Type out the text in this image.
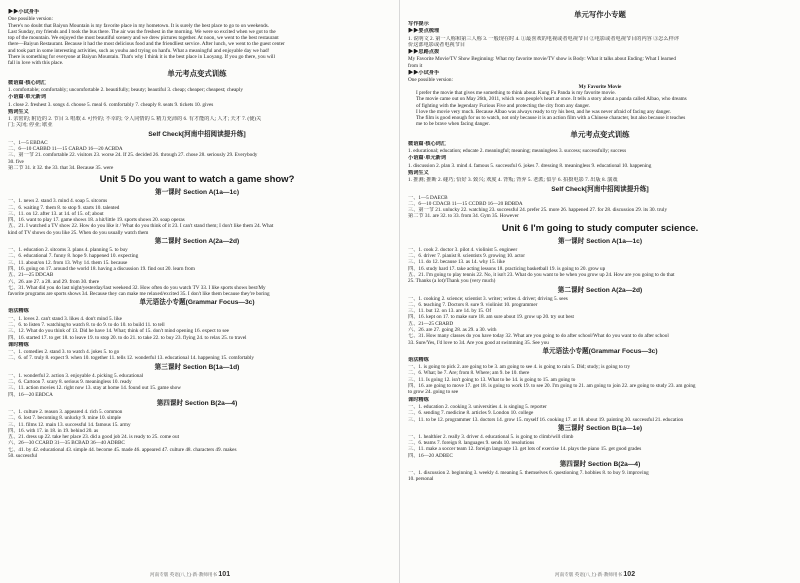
▶▶小试身手
One possible version:
There's no doubt that Baiyun Mountain is my favorite place in my hometown. It is surely the best place to go to on weekends.
Last Sunday, my friends and I took the bus there. The air was the freshest in the morning. We were so excited when we got to the
top of the mountain. We enjoyed the most beautiful scenery and we drew pictures together. At noon, we went to the best restaurant
there—Baiyun Restaurant. Because it had the most delicious food and the friendliest service. After lunch, we went to the guest center
and took part in some interesting activities, such as youhu and trying on hanfu. What a meaningful and enjoyable day we had!
There is something for everyone at Baiyun Mountain. That's why I think it is the best place in Luoyang. If you go there, you will
fall in love with this place.
单元考点变式训练
微语篇·核心词汇
1. comfortable; comfortably; uncomfortable 2. beautifully; beauty; beautiful 3. cheap; cheaper; cheapest; cheaply
小语篇·单元新词
1. close 2. freshest 3. songs 4. choose 5. meal 6. comfortably 7. cheaply 8. seats 9. tickets 10. gives
熟词生义
1. 亲密的; 附近的 2. 节目 3. 唱歌 4. 可怜的; 不幸的; 令人同情的 5. 精力充沛的 6. 有才能的人; 人才; 天才 7. (使)关
门; 关闭; 停业; 歇业
Self Check[河南中招阅读提升练]
一、1—5 EBDAC
二、6—10 CABBD 11—15 CABAD 16—20 ACBDA
三、第一节 21. comfortable 22. visitors 23. worse 24. If 25. decided 26. through 27. chose 28. seriously 29. Everybody
30. five
第二节 31. it 32. the 33. that 34. Because 35. were
Unit 5 Do you want to watch a game show?
第一课时 Section A(1a—1c)
一、1. news 2. stand 3. mind 4. soap 5. sitcoms
二、6. waiting 7. them 8. to stop 9. starts 10. talented
三、11. on 12. after 13. at 14. of 15. of; about
四、16. want to play 17. game shows 18. a hit/little 19. sports shows 20. soap operas
五、21. I watched a TV show 22. How do you like it / What do you think of it 23. I can't stand them; I don't like them 24. What
kind of TV shows do you like 25. When do you usually watch them
第二课时 Section A(2a—2d)
一、1. education 2. sitcoms 3. plans 4. planning 5. to buy
二、6. educational 7. funny 8. hope 9. happened 10. expecting
三、11. about/on 12. from 13. Why 14. them 15. because
四、16. going on 17. around the world 18. having a discussion 19. find out 20. learn from
五、21—25 DDCAB
六、26. are 27. a 28. and 29. from 30. there
七、31. What did you do last night/yesterday/last weekend 32. How often do you watch TV 33. I like sports shows best/My
favorite programs are sports shows 34. Because they can make me relaxed/excited 35. I don't like them because they're boring
单元语法小专题(Grammar Focus—3c)
语法精练
一、1. loves 2. can't stand 3. likes 4. don't mind 5. like
二、6. to listen 7. watching/to watch 8. to do 9. to do 10. to build 11. to tell
三、12. What do you think of 13. Did he have 14. What; think of 15. don't mind opening 16. expect to see
四、16. started 17. to get 18. to leave 19. to stop 20. to do 21. to take 22. to buy 23. flying 24. to relax 25. to travel
课时精练
一、1. comedies 2. stand 3. to watch 4. jokes 5. to go
二、6. of 7. truly 8. expect 9. when 10. together 11. tells 12. wonderful 13. educational 14. happening 15. comfortably
第三课时 Section B(1a—1d)
一、1. wonderful 2. action 3. enjoyable 4. picking 5. educational
二、6. Cartoon 7. scary 8. serious 9. meaningless 10. ready
三、11. action movies 12. right now 13. stay at home 14. found out 15. game show
四、16—20 EBDCA
第四课时 Section B(2a—4)
一、1. culture 2. reason 3. appeared 4. rich 5. common
二、6. lost 7. becoming 8. unlucky 9. mine 10. simple
三、11. films 12. main 13. successful 14. famous 15. army
四、16. with 17. in 18. in 19. behind 20. as
五、21. dress up 22. take her place 23. did a good job 24. is ready to 25. come out
六、26—30 CCABD 31—35 BCBAD 36—40 ADBBC
七、41. by 42. educational 43. simple 44. become 45. made 46. appeared 47. culture 48. characters 49. makes
50. successful
单元写作小专题
写作提示
▶▶要点梳理
1. 说明文 2. 第一人称和第三人称 3. 一般现在时 4. ①最喜欢的电视或者电视节目 ②电影或者电视节目的内容 ③怎么样评
价这部电影或者电视节目
▶▶思路点拨
My Favorite Movie/TV Show Beginning: What my favorite movie/TV show is Body: What it talks about Ending: What I learned
from it
▶▶小试身手
One possible version:
My Favorite Movie
I prefer the movie that gives me something to think about. Kung Fu Panda is my favorite movie.
The movie came out on May 26th, 2011, which won people's heart at once. It tells a story about a panda called Albao, who dreams
of fighting with the legendary Furious Five and protecting the city from any danger.
I love the movie very much. Because Albao was always ready to try his best, and he was never afraid of facing any danger.
The film is good enough for us to watch, not only because it is an action film with a Chinese character, but also because it teaches
me to be brave when facing danger.
单元考点变式训练
微语篇·核心词汇
1. educational; education; educate 2. meaningful; meaning; meaningless 3. success; successfully; success
小语篇·单元新词
1. discussion 2. plan 3. mind 4. famous 5. successful 6. jokes 7. dressing 8. meaningless 9. educational 10. happening
熟词生义
1. 推测; 推断 2. 碰巧; 恰好 3. 致兴; 欢度 4. 背叛; 背弃 5. 老派; 似乎 6. 拍摄电影 7. 出版 8. 演戏
Self Check[河南中招阅读提升练]
一、1—5 DAECB
二、6—10 CDACB 11—15 CCDBD 16—20 BDBDA
三、第一节 21. unlucky 22. watching 23. successful 24. prefer 25. more 26. happened 27. for 28. discussion 29. its 30. truly
第二节 31. are 32. to 33. from 34. Gym 35. However
Unit 6 I'm going to study computer science.
第一课时 Section A(1a—1c)
一、1. cook 2. doctor 3. pilot 4. violinist 5. engineer
二、6. driver 7. pianist 8. scientists 9. growing 10. actor
三、11. do 12. because 13. as 14. why 15. like
四、16. study hard 17. take acting lessons 18. practicing basketball 19. is going to 20. grow up
五、21. I'm going to play tennis 22. No, it isn't 23. What do you want to be when you grow up 24. How are you going to do that
25. Thanks (a lot)/Thank you (very much)
第二课时 Section A(2a—2d)
一、1. cooking 2. science; scientist 3. writer; writes 4. driver; driving 5. sees
二、6. teaching 7. Doctors 8. sure 9. violinist 10. programmer
三、11. but 12. on 13. are 14. by 15. Of
四、16. kept on 17. to make sure 18. am sure about 19. grow up 20. try out best
五、21—25 CBABD
六、26. are 27. going 28. as 29. a 30. with
七、31. How many classes do you have today 32. What are you going to do after school/What do you want to do after school
33. Sure/Yes, I'd love to 34. Are you good at swimming 35. See you
单元语法小专题(Grammar Focus—3c)
语法精练
一、1. is going to pick 2. are going to be 3. am going to see 4. is going to rain 5. Did; study; is going to try
二、6. What; be 7. Are; from 8. Where; am 9. be 10. there
三、11. Is going 12. isn't going to 13. What to be 14. is going to 15. am going to
四、16. are going to move 17. get 18. is going to work 19. to see 20. I'm going to 21. am going to join 22. are going to study 23. am going
to grow 24. going to see
课时精练
一、1. education 2. cooking 3. universities 4. is singing 5. reporter
二、6. sending 7. medicine 8. articles 9. London 10. college
三、11. to be 12. programmer 13. doctors 14. grow 15. myself 16. cooking 17. at 18. about 19. painting 20. successful 21. education
第三课时 Section B(1a—1e)
一、1. healthier 2. really 3. driver 4. educational 5. is going to climb/will climb
二、6. teams 7. foreign 8. languages 9. sends 10. resolutions
三、11. make a soccer team 12. foreign language 13. get lots of exercise 14. plays the piano 15. get good grades
四、16—20 ADBEC
第四课时 Section B(2a—4)
一、1. discussion 2. beginning 3. weekly 4. meaning 5. themselves 6. questioning 7. hobbies 8. to buy 9. improving
10. personal
河南专版 英语(八上)·新·教师用书 101	河南专版 英语(八上)·新·教师用书 102
